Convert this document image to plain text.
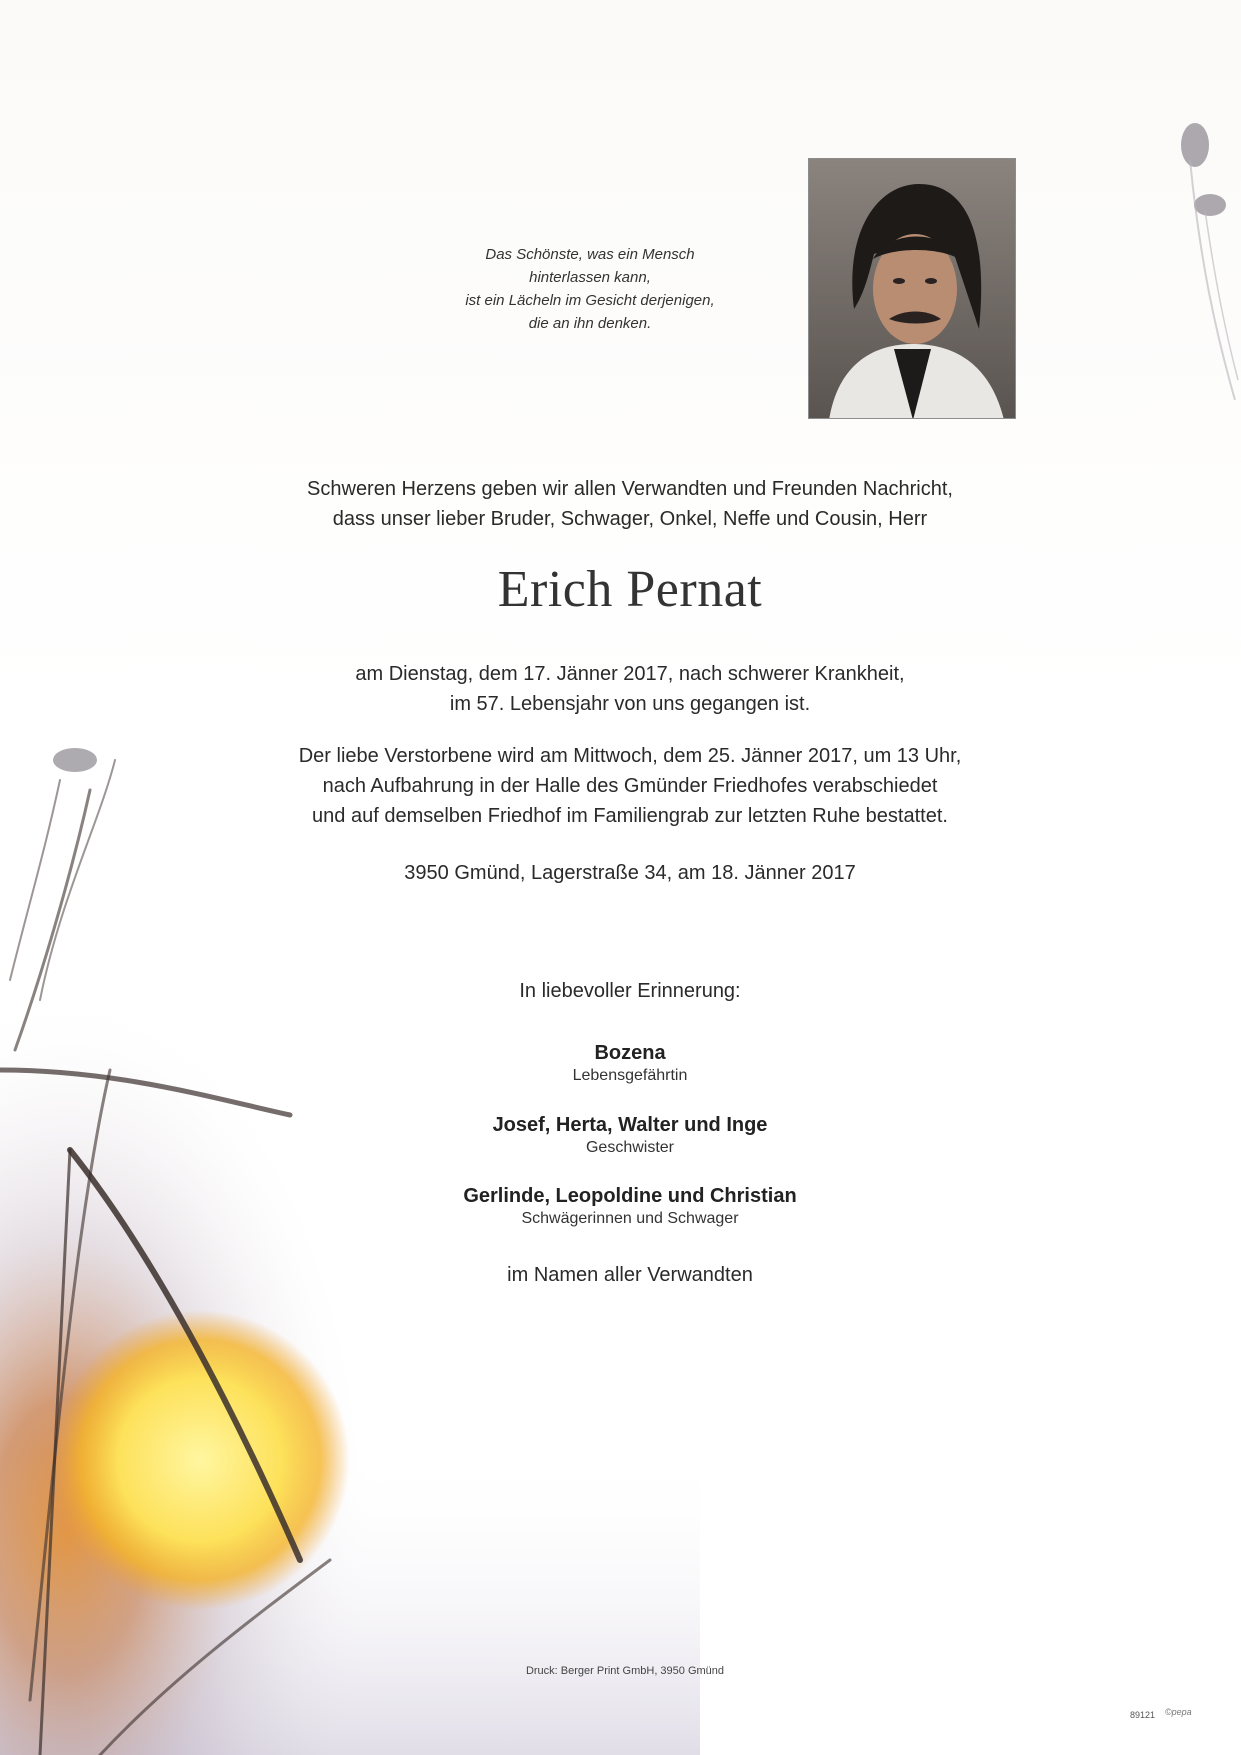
Das Schönste, was ein Mensch
hinterlassen kann,
ist ein Lächeln im Gesicht derjenigen,
die an ihn denken.
Schweren Herzens geben wir allen Verwandten und Freunden Nachricht,
dass unser lieber Bruder, Schwager, Onkel, Neffe und Cousin, Herr
Erich Pernat
am Dienstag, dem 17. Jänner 2017, nach schwerer Krankheit,
im 57. Lebensjahr von uns gegangen ist.
Der liebe Verstorbene wird am Mittwoch, dem 25. Jänner 2017, um 13 Uhr,
nach Aufbahrung in der Halle des Gmünder Friedhofes verabschiedet
und auf demselben Friedhof im Familiengrab zur letzten Ruhe bestattet.
3950 Gmünd, Lagerstraße 34, am 18. Jänner 2017
In liebevoller Erinnerung:
Bozena
Lebensgefährtin
Josef, Herta, Walter und Inge
Geschwister
Gerlinde, Leopoldine und Christian
Schwägerinnen und Schwager
im Namen aller Verwandten
Druck: Berger Print GmbH, 3950 Gmünd
89121 ©pepa
